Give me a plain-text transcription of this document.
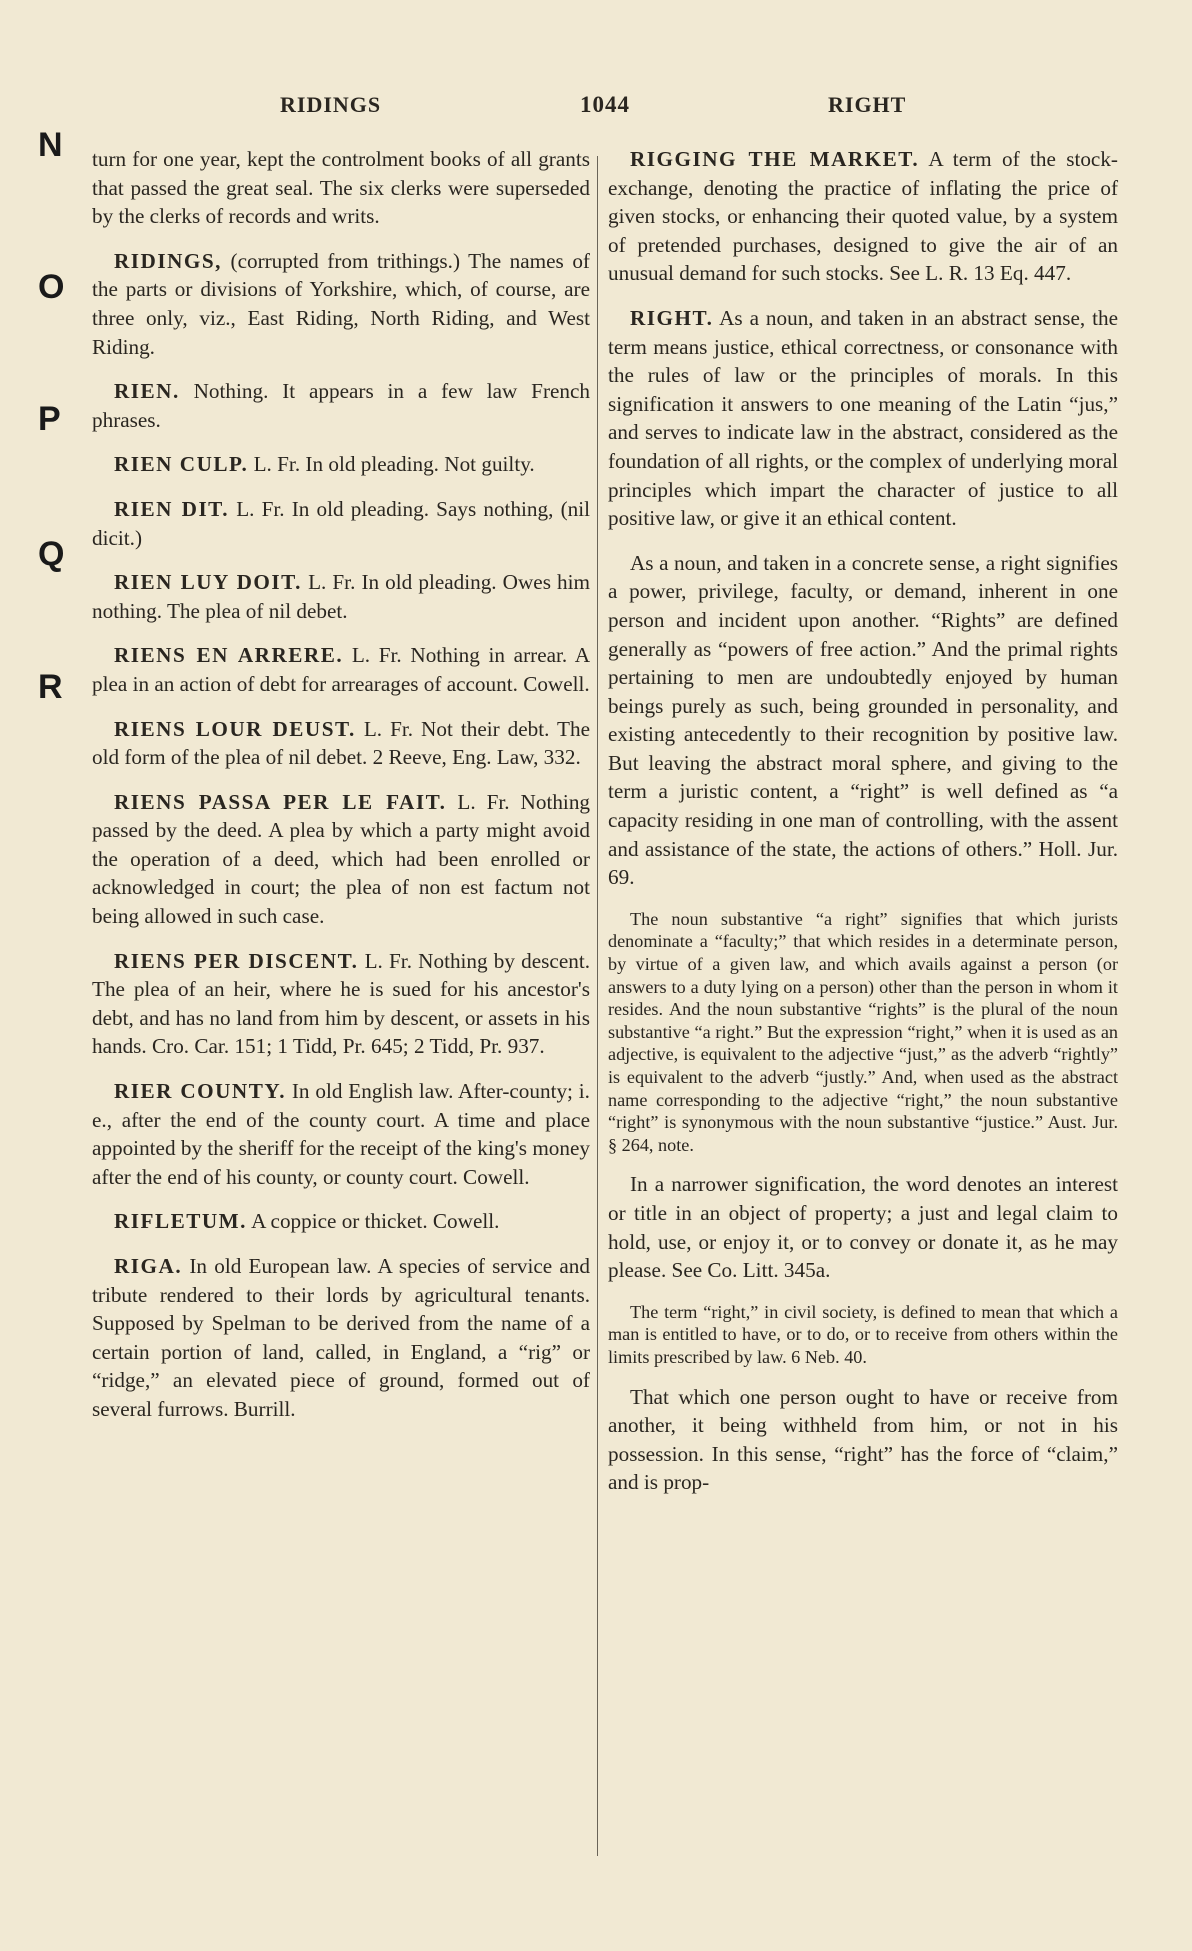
RIDINGS	1044	RIGHT
N
O
P
Q
R

turn for one year, kept the controlment books of all grants that passed the great seal. The six clerks were superseded by the clerks of records and writs.

RIDINGS, (corrupted from trithings.) The names of the parts or divisions of Yorkshire, which, of course, are three only, viz., East Riding, North Riding, and West Riding.

RIEN. Nothing. It appears in a few law French phrases.

RIEN CULP. L. Fr. In old pleading. Not guilty.

RIEN DIT. L. Fr. In old pleading. Says nothing, (nil dicit.)

RIEN LUY DOIT. L. Fr. In old pleading. Owes him nothing. The plea of nil debet.

RIENS EN ARRERE. L. Fr. Nothing in arrear. A plea in an action of debt for arrearages of account. Cowell.

RIENS LOUR DEUST. L. Fr. Not their debt. The old form of the plea of nil debet. 2 Reeve, Eng. Law, 332.

RIENS PASSA PER LE FAIT. L. Fr. Nothing passed by the deed. A plea by which a party might avoid the operation of a deed, which had been enrolled or acknowledged in court; the plea of non est factum not being allowed in such case.

RIENS PER DISCENT. L. Fr. Nothing by descent. The plea of an heir, where he is sued for his ancestor's debt, and has no land from him by descent, or assets in his hands. Cro. Car. 151; 1 Tidd, Pr. 645; 2 Tidd, Pr. 937.

RIER COUNTY. In old English law. After-county; i. e., after the end of the county court. A time and place appointed by the sheriff for the receipt of the king's money after the end of his county, or county court. Cowell.

RIFLETUM. A coppice or thicket. Cowell.

RIGA. In old European law. A species of service and tribute rendered to their lords by agricultural tenants. Supposed by Spelman to be derived from the name of a certain portion of land, called, in England, a “rig” or “ridge,” an elevated piece of ground, formed out of several furrows. Burrill.

RIGGING THE MARKET. A term of the stock-exchange, denoting the practice of inflating the price of given stocks, or enhancing their quoted value, by a system of pretended purchases, designed to give the air of an unusual demand for such stocks. See L. R. 13 Eq. 447.

RIGHT. As a noun, and taken in an abstract sense, the term means justice, ethical correctness, or consonance with the rules of law or the principles of morals. In this signification it answers to one meaning of the Latin “jus,” and serves to indicate law in the abstract, considered as the foundation of all rights, or the complex of underlying moral principles which impart the character of justice to all positive law, or give it an ethical content.

As a noun, and taken in a concrete sense, a right signifies a power, privilege, faculty, or demand, inherent in one person and incident upon another. “Rights” are defined generally as “powers of free action.” And the primal rights pertaining to men are undoubtedly enjoyed by human beings purely as such, being grounded in personality, and existing antecedently to their recognition by positive law. But leaving the abstract moral sphere, and giving to the term a juristic content, a “right” is well defined as “a capacity residing in one man of controlling, with the assent and assistance of the state, the actions of others.” Holl. Jur. 69.

The noun substantive “a right” signifies that which jurists denominate a “faculty;” that which resides in a determinate person, by virtue of a given law, and which avails against a person (or answers to a duty lying on a person) other than the person in whom it resides. And the noun substantive “rights” is the plural of the noun substantive “a right.” But the expression “right,” when it is used as an adjective, is equivalent to the adjective “just,” as the adverb “rightly” is equivalent to the adverb “justly.” And, when used as the abstract name corresponding to the adjective “right,” the noun substantive “right” is synonymous with the noun substantive “justice.” Aust. Jur. § 264, note.

In a narrower signification, the word denotes an interest or title in an object of property; a just and legal claim to hold, use, or enjoy it, or to convey or donate it, as he may please. See Co. Litt. 345a.

The term “right,” in civil society, is defined to mean that which a man is entitled to have, or to do, or to receive from others within the limits prescribed by law. 6 Neb. 40.

That which one person ought to have or receive from another, it being withheld from him, or not in his possession. In this sense, “right” has the force of “claim,” and is prop-
